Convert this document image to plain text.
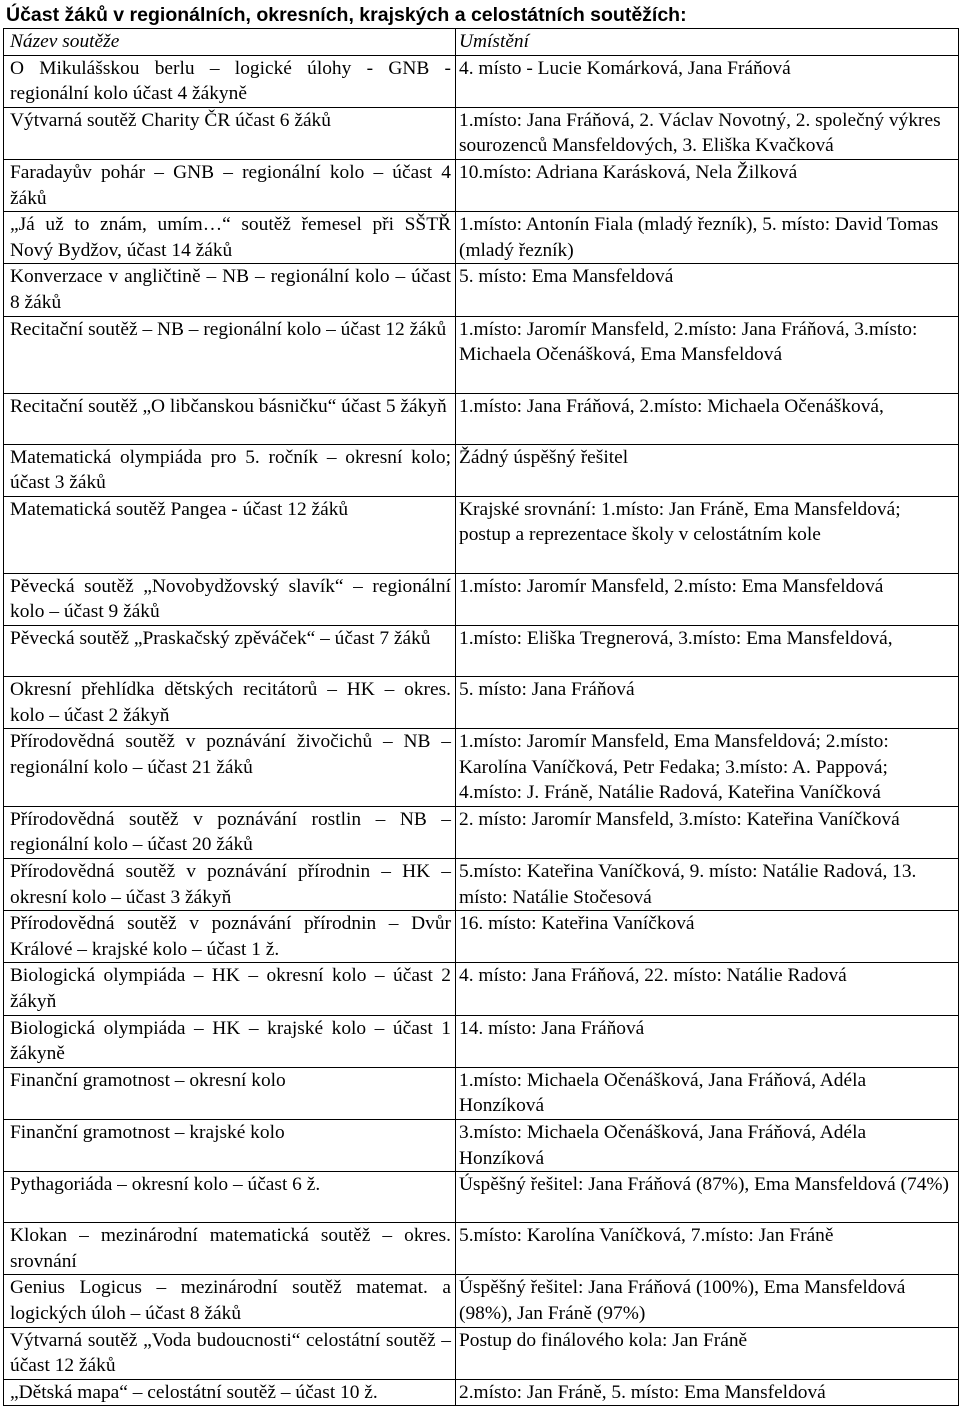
Účast žáků v regionálních, okresních, krajských a celostátních soutěžích:
Název soutěže	Umístění
O Mikulášskou berlu – logické úlohy - GNB - regionální kolo účast 4 žákyně	4. místo - Lucie Komárková, Jana Fráňová
Výtvarná soutěž Charity ČR účast 6 žáků	1.místo: Jana Fráňová, 2. Václav Novotný, 2. společný výkres sourozenců Mansfeldových, 3. Eliška Kvačková
Faradayův pohár – GNB – regionální kolo – účast 4 žáků	10.místo: Adriana Karásková, Nela Žilková
„Já už to znám, umím…“ soutěž řemesel při SŠTŘ Nový Bydžov, účast 14 žáků	1.místo: Antonín Fiala (mladý řezník), 5. místo: David Tomas (mladý řezník)
Konverzace v angličtině – NB – regionální kolo – účast 8 žáků	5. místo: Ema Mansfeldová
Recitační soutěž – NB – regionální kolo – účast 12 žáků	1.místo: Jaromír Mansfeld, 2.místo: Jana Fráňová, 3.místo: Michaela Očenášková, Ema Mansfeldová
Recitační soutěž „O libčanskou básničku“ účast 5 žákyň	1.místo: Jana Fráňová, 2.místo: Michaela Očenášková,
Matematická olympiáda pro 5. ročník – okresní kolo; účast 3 žáků	Žádný úspěšný řešitel
Matematická soutěž Pangea - účast 12 žáků	Krajské srovnání: 1.místo: Jan Fráně, Ema Mansfeldová; postup a reprezentace školy v celostátním kole
Pěvecká soutěž „Novobydžovský slavík“ – regionální kolo – účast 9 žáků	1.místo: Jaromír Mansfeld, 2.místo: Ema Mansfeldová
Pěvecká soutěž „Praskačský zpěváček“ – účast 7 žáků	1.místo: Eliška Tregnerová, 3.místo: Ema Mansfeldová,
Okresní přehlídka dětských recitátorů – HK – okres. kolo – účast 2 žákyň	5. místo: Jana Fráňová
Přírodovědná soutěž v poznávání živočichů – NB – regionální kolo – účast 21 žáků	1.místo: Jaromír Mansfeld, Ema Mansfeldová; 2.místo: Karolína Vaníčková, Petr Fedaka; 3.místo: A. Pappová; 4.místo: J. Fráně, Natálie Radová, Kateřina Vaníčková
Přírodovědná soutěž v poznávání rostlin – NB – regionální kolo – účast 20 žáků	2. místo: Jaromír Mansfeld, 3.místo: Kateřina Vaníčková
Přírodovědná soutěž v poznávání přírodnin – HK – okresní kolo – účast 3 žákyň	5.místo: Kateřina Vaníčková, 9. místo: Natálie Radová, 13. místo: Natálie Stočesová
Přírodovědná soutěž v poznávání přírodnin – Dvůr Králové – krajské kolo – účast 1 ž.	16. místo: Kateřina Vaníčková
Biologická olympiáda – HK – okresní kolo – účast 2 žákyň	4. místo: Jana Fráňová, 22. místo: Natálie Radová
Biologická olympiáda – HK – krajské kolo – účast 1 žákyně	14. místo: Jana Fráňová
Finanční gramotnost – okresní kolo	1.místo: Michaela Očenášková, Jana Fráňová, Adéla Honzíková
Finanční gramotnost – krajské kolo	3.místo: Michaela Očenášková, Jana Fráňová, Adéla Honzíková
Pythagoriáda – okresní kolo – účast 6 ž.	Úspěšný řešitel: Jana Fráňová (87%), Ema Mansfeldová (74%)
Klokan – mezinárodní matematická soutěž – okres. srovnání	5.místo: Karolína Vaníčková, 7.místo: Jan Fráně
Genius Logicus – mezinárodní soutěž matemat. a logických úloh – účast 8 žáků	Úspěšný řešitel: Jana Fráňová (100%), Ema Mansfeldová (98%), Jan Fráně (97%)
Výtvarná soutěž „Voda budoucnosti“ celostátní soutěž – účast 12 žáků	Postup do finálového kola: Jan Fráně
„Dětská mapa“ – celostátní soutěž – účast 10 ž.	2.místo: Jan Fráně, 5. místo: Ema Mansfeldová
